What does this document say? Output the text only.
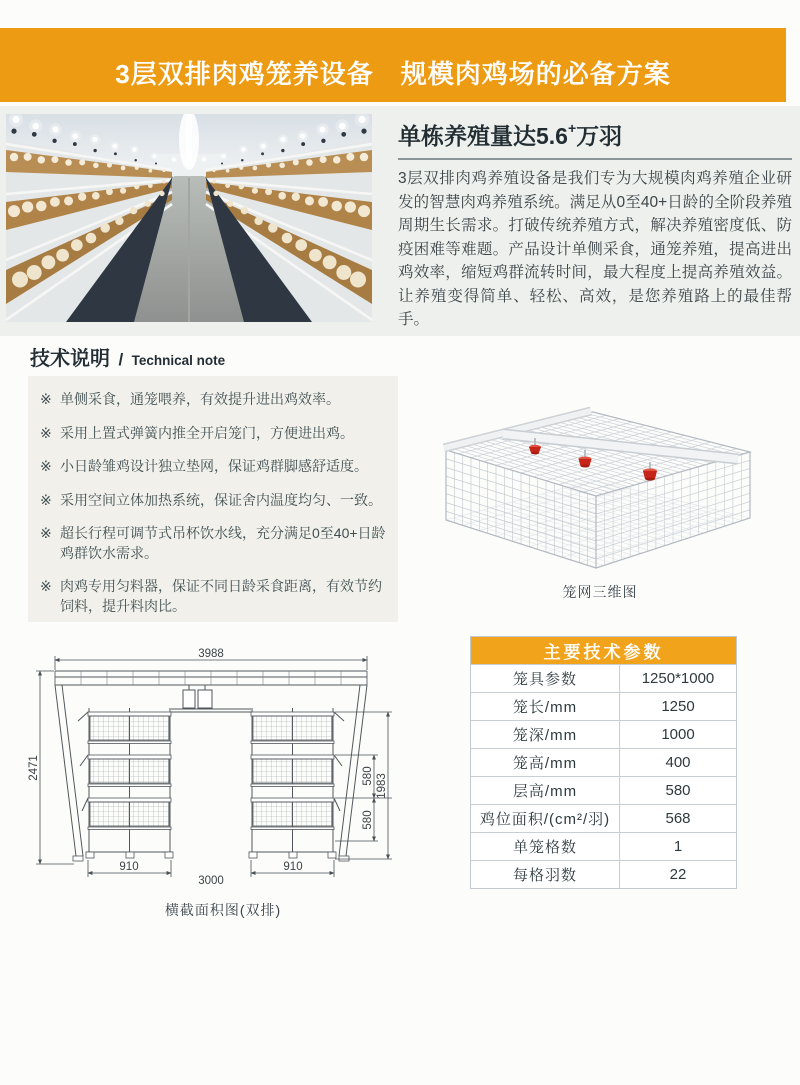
3层双排肉鸡笼养设备　规模肉鸡场的必备方案
单栋养殖量达5.6+万羽
3层双排肉鸡养殖设备是我们专为大规模肉鸡养殖企业研发的智慧肉鸡养殖系统。满足从0至40+日龄的全阶段养殖周期生长需求。打破传统养殖方式，解决养殖密度低、防疫困难等难题。产品设计单侧采食，通笼养殖，提高进出鸡效率，缩短鸡群流转时间，最大程度上提高养殖效益。让养殖变得简单、轻松、高效，是您养殖路上的最佳帮手。
技术说明 / Technical note
※ 单侧采食，通笼喂养，有效提升进出鸡效率。
※ 采用上置式弹簧内推全开启笼门，方便进出鸡。
※ 小日龄雏鸡设计独立垫网，保证鸡群脚感舒适度。
※ 采用空间立体加热系统，保证舍内温度均匀、一致。
※ 超长行程可调节式吊杯饮水线，充分满足0至40+日龄鸡群饮水需求。
※ 肉鸡专用匀料器，保证不同日龄采食距离，有效节约饲料，提升料肉比。
笼网三维图
主要技术参数
笼具参数	1250*1000
笼长/mm	1250
笼深/mm	1000
笼高/mm	400
层高/mm	580
鸡位面积/(cm²/羽)	568
单笼格数	1
每格羽数	22
3988
2471	580
580
1983
910
3000
910
横截面积图(双排)
